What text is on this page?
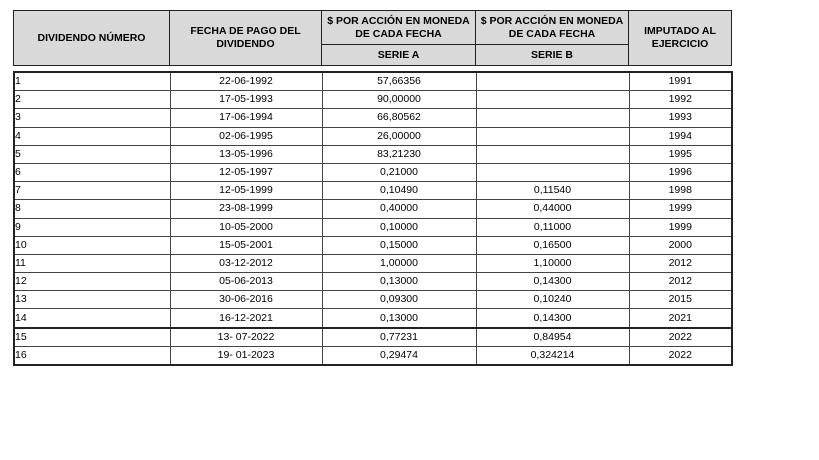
DIVIDENDO NÚMERO	FECHA DE PAGO DEL DIVIDENDO	$ POR ACCIÓN EN MONEDA DE CADA FECHA	$ POR ACCIÓN EN MONEDA DE CADA FECHA	IMPUTADO AL EJERCICIO
		SERIE A	SERIE B	
1	22-06-1992	57,66356		1991
2	17-05-1993	90,00000		1992
3	17-06-1994	66,80562		1993
4	02-06-1995	26,00000		1994
5	13-05-1996	83,21230		1995
6	12-05-1997	0,21000		1996
7	12-05-1999	0,10490	0,11540	1998
8	23-08-1999	0,40000	0,44000	1999
9	10-05-2000	0,10000	0,11000	1999
10	15-05-2001	0,15000	0,16500	2000
11	03-12-2012	1,00000	1,10000	2012
12	05-06-2013	0,13000	0,14300	2012
13	30-06-2016	0,09300	0,10240	2015
14	16-12-2021	0,13000	0,14300	2021
15	13- 07-2022	0,77231	0,84954	2022
16	19- 01-2023	0,29474	0,324214	2022
